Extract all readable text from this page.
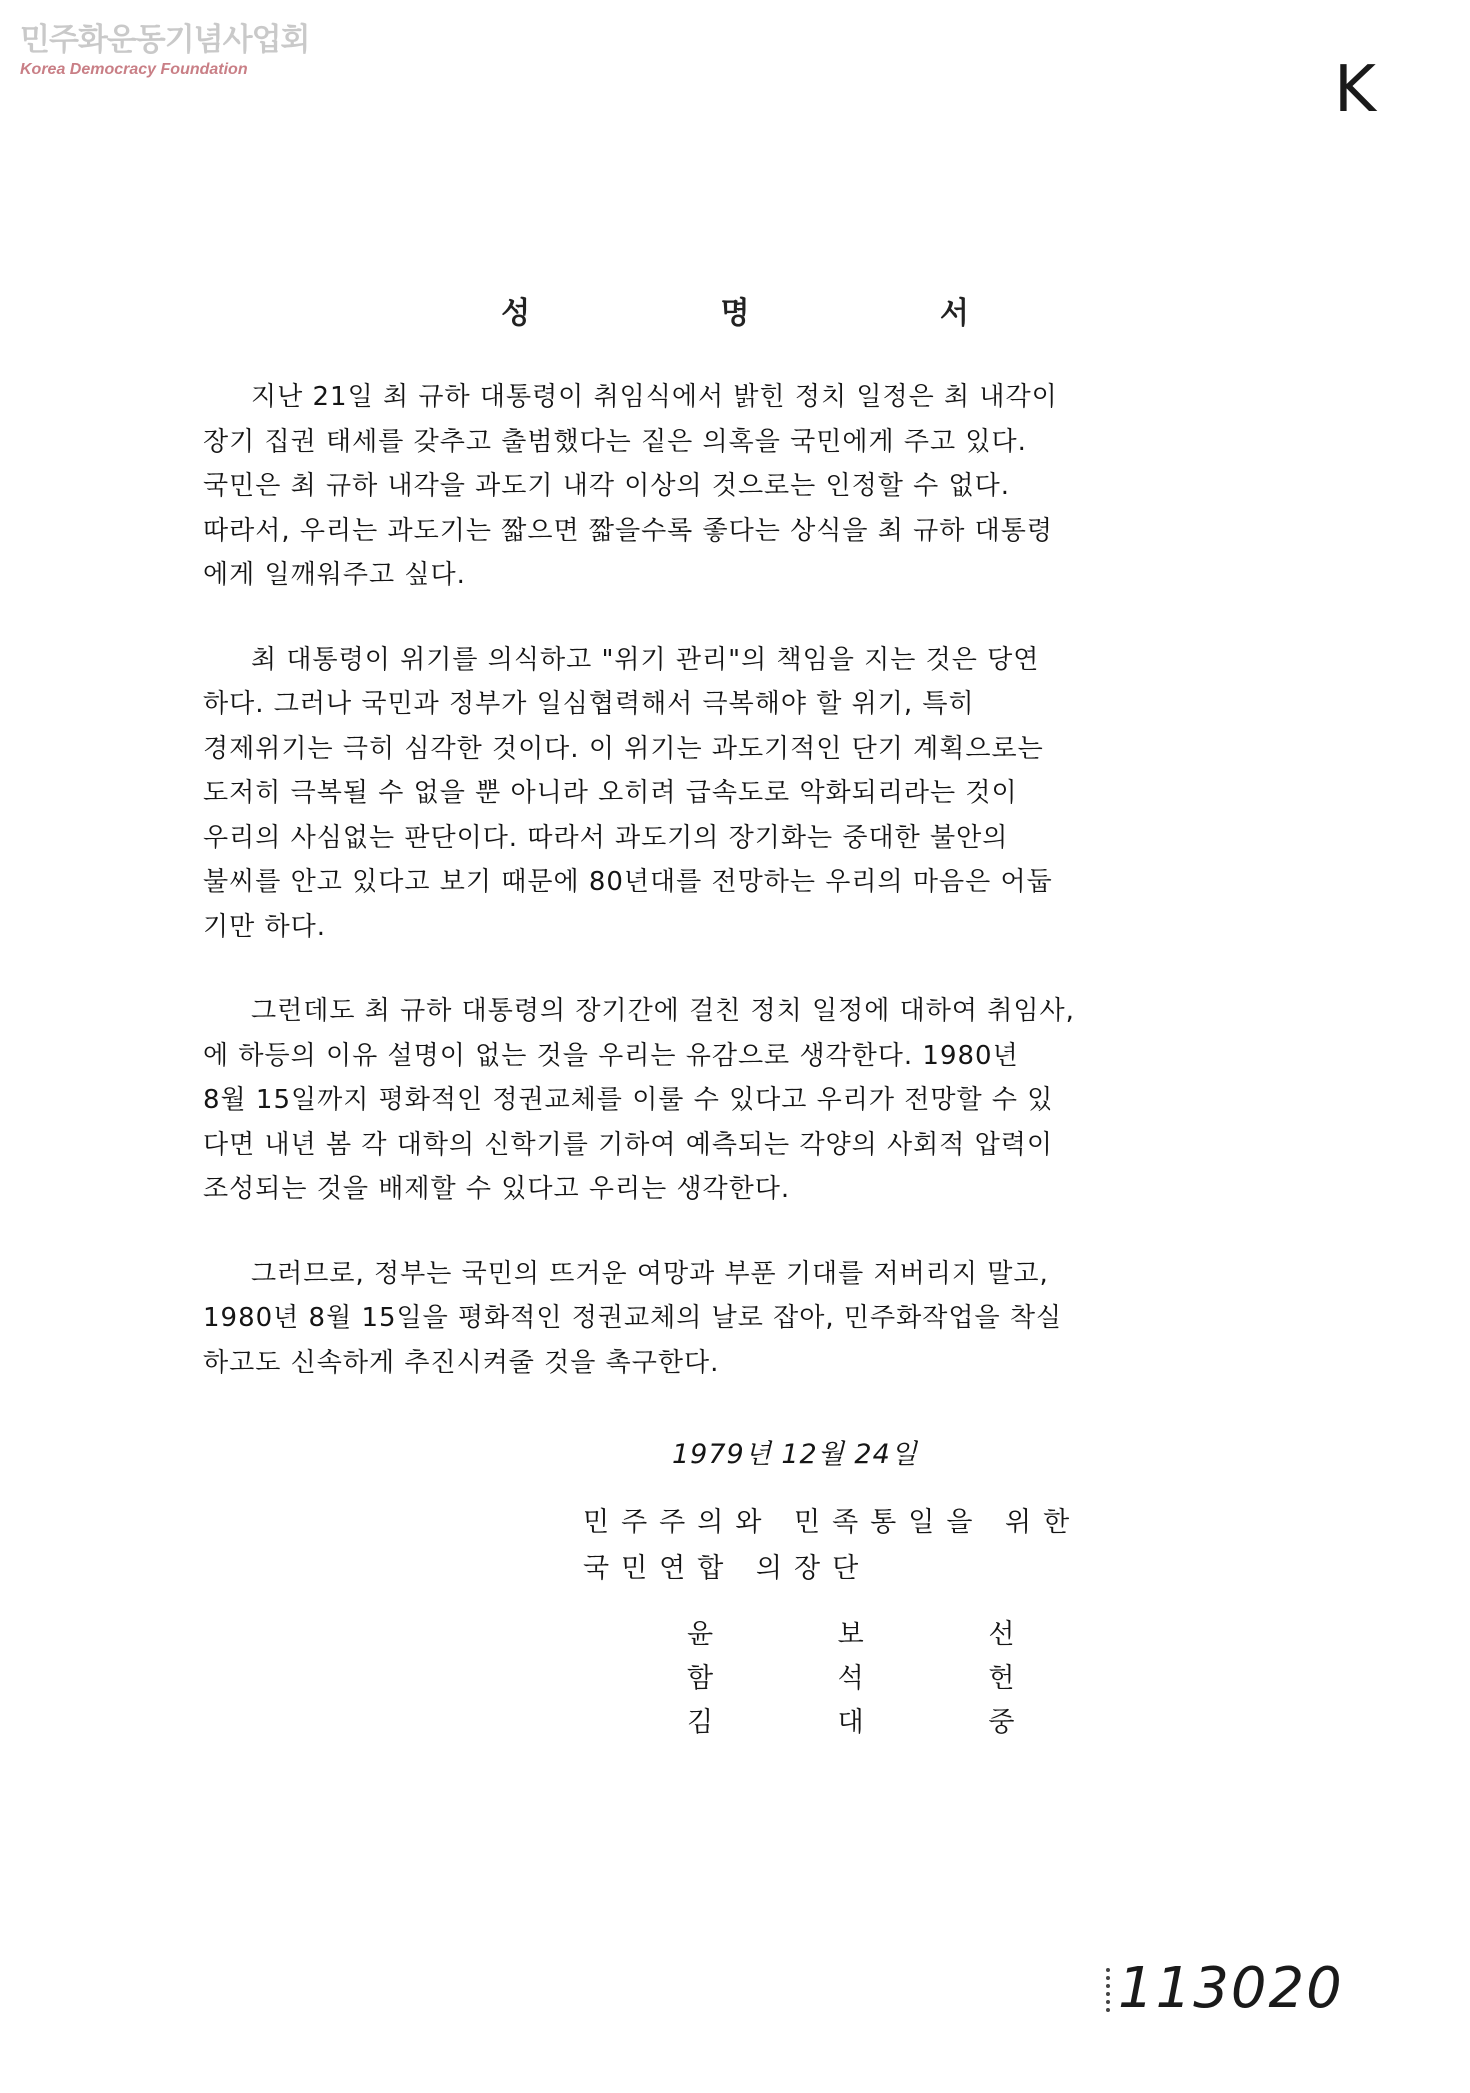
민주화운동기념사업회
Korea Democracy Foundation	K
성 명 서
지난 21일 최 규하 대통령이 취임식에서 밝힌 정치 일정은 최 내각이
장기 집권 태세를 갖추고 출범했다는 짙은 의혹을 국민에게 주고 있다.
국민은 최 규하 내각을 과도기 내각 이상의 것으로는 인정할 수 없다.
따라서, 우리는 과도기는 짧으면 짧을수록 좋다는 상식을 최 규하 대통령
에게 일깨워주고 싶다.
최 대통령이 위기를 의식하고 "위기 관리"의 책임을 지는 것은 당연
하다. 그러나 국민과 정부가 일심협력해서 극복해야 할 위기, 특히
경제위기는 극히 심각한 것이다. 이 위기는 과도기적인 단기 계획으로는
도저히 극복될 수 없을 뿐 아니라 오히려 급속도로 악화되리라는 것이
우리의 사심없는 판단이다. 따라서 과도기의 장기화는 중대한 불안의
불씨를 안고 있다고 보기 때문에 80년대를 전망하는 우리의 마음은 어둡
기만 하다.
그런데도 최 규하 대통령의 장기간에 걸친 정치 일정에 대하여 취임사,
에 하등의 이유 설명이 없는 것을 우리는 유감으로 생각한다. 1980년
8월 15일까지 평화적인 정권교체를 이룰 수 있다고 우리가 전망할 수 있
다면 내년 봄 각 대학의 신학기를 기하여 예측되는 각양의 사회적 압력이
조성되는 것을 배제할 수 있다고 우리는 생각한다.
그러므로, 정부는 국민의 뜨거운 여망과 부푼 기대를 저버리지 말고,
1980년 8월 15일을 평화적인 정권교체의 날로 잡아, 민주화작업을 착실
하고도 신속하게 추진시켜줄 것을 촉구한다.
1979년 12월 24일
민주주의와 민족통일을 위한
국민연합 의장단
윤 보 선
함 석 헌
김 대 중
113020
